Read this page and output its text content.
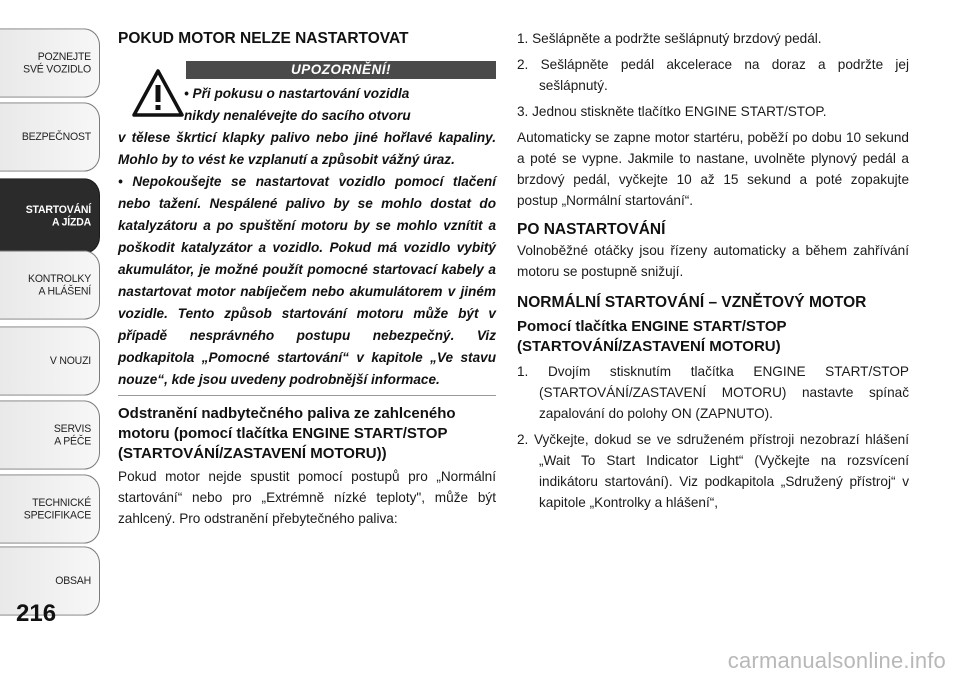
POZNEJTE
SVÉ VOZIDLO
BEZPEČNOST
STARTOVÁNÍ
A JÍZDA
KONTROLKY
A HLÁŠENÍ
V NOUZI
SERVIS
A PÉČE
TECHNICKÉ
SPECIFIKACE
OBSAH
216
POKUD MOTOR NELZE NASTARTOVAT
UPOZORNĚNÍ!
• Při pokusu o nastartování vozidla
nikdy nenalévejte do sacího otvoru
v tělese škrticí klapky palivo nebo jiné hořlavé kapaliny. Mohlo by to vést ke vzplanutí a způsobit vážný úraz.
• Nepokoušejte se nastartovat vozidlo pomocí tlačení nebo tažení. Nespálené palivo by se mohlo dostat do katalyzátoru a po spuštění motoru by se mohlo vznítit a poškodit katalyzátor a vozidlo. Pokud má vozidlo vybitý akumulátor, je možné použít pomocné startovací kabely a nastartovat motor nabíječem nebo akumulátorem v jiném vozidle. Tento způsob startování motoru může být v případě nesprávného postupu nebezpečný. Viz podkapitola „Pomocné startování“ v kapitole „Ve stavu nouze“, kde jsou uvedeny podrobnější informace.
Odstranění nadbytečného paliva ze zahlceného motoru (pomocí tlačítka ENGINE START/STOP (STARTOVÁNÍ/ZASTAVENÍ MOTORU))

Pokud motor nejde spustit pomocí postupů pro „Normální startování“ nebo pro „Extrémně nízké teploty", může být zahlcený. Pro odstranění přebytečného paliva:

1. Sešlápněte a podržte sešlápnutý brzdový pedál.
2. Sešlápněte pedál akcelerace na doraz a podržte jej sešlápnutý.
3. Jednou stiskněte tlačítko ENGINE START/STOP.

Automaticky se zapne motor startéru, poběží po dobu 10 sekund a poté se vypne. Jakmile to nastane, uvolněte plynový pedál a brzdový pedál, vyčkejte 10 až 15 sekund a poté zopakujte postup „Normální startování“.

PO NASTARTOVÁNÍ

Volnoběžné otáčky jsou řízeny automaticky a během zahřívání motoru se postupně snižují.

NORMÁLNÍ STARTOVÁNÍ – VZNĚTOVÝ MOTOR
Pomocí tlačítka ENGINE START/STOP (STARTOVÁNÍ/ZASTAVENÍ MOTORU)
1. Dvojím stisknutím tlačítka ENGINE START/STOP (STARTOVÁNÍ/ZASTAVENÍ MOTORU) nastavte spínač zapalování do polohy ON (ZAPNUTO).
2. Vyčkejte, dokud se ve sdruženém přístroji nezobrazí hlášení „Wait To Start Indicator Light“ (Vyčkejte na rozsvícení indikátoru startování). Viz podkapitola „Sdružený přístroj“ v kapitole „Kontrolky a hlášení“,
carmanualsonline.info
